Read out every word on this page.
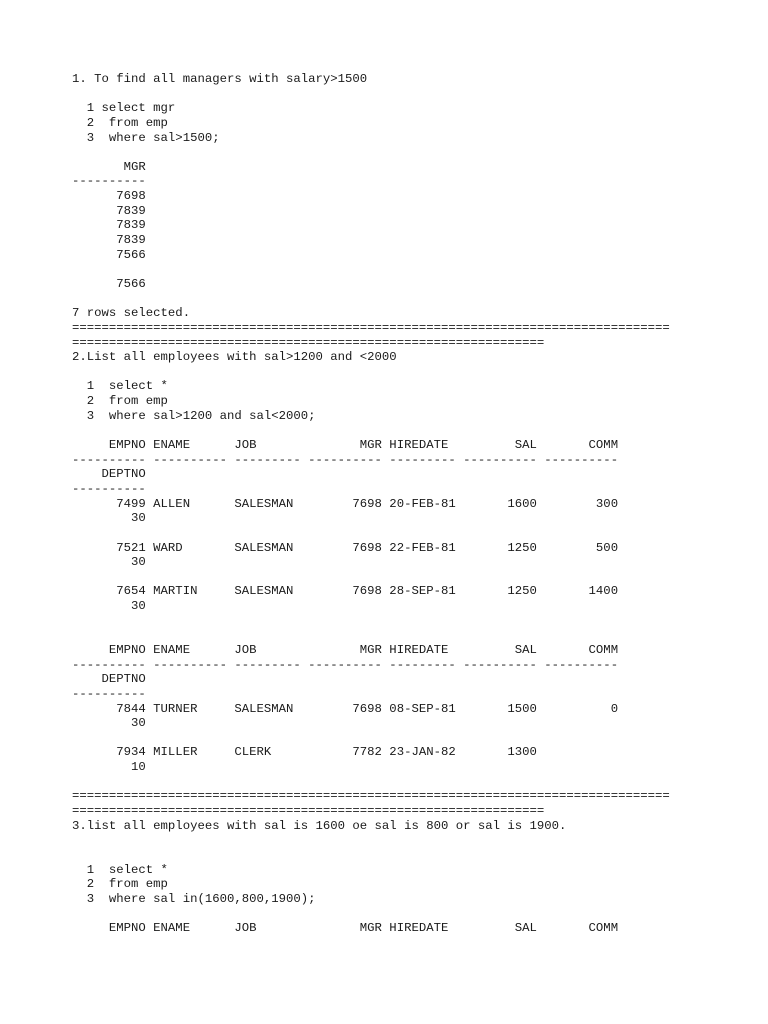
1. To find all managers with salary>1500
1 select mgr
2  from emp
3  where sal>1500;
MGR
----------
7698
7839
7839
7839
7566
7566
7 rows selected.
=================================================================================
================================================================
2.List all employees with sal>1200 and <2000
1  select *
2  from emp
3  where sal>1200 and sal<2000;
EMPNO ENAME      JOB              MGR HIREDATE         SAL       COMM
---------- ---------- --------- ---------- --------- ---------- ----------
DEPTNO
----------
7499 ALLEN      SALESMAN        7698 20-FEB-81       1600        300
30
7521 WARD       SALESMAN        7698 22-FEB-81       1250        500
30
7654 MARTIN     SALESMAN        7698 28-SEP-81       1250       1400
30
EMPNO ENAME      JOB              MGR HIREDATE         SAL       COMM
---------- ---------- --------- ---------- --------- ---------- ----------
DEPTNO
----------
7844 TURNER     SALESMAN        7698 08-SEP-81       1500          0
30
7934 MILLER     CLERK           7782 23-JAN-82       1300
10
=================================================================================
================================================================
3.list all employees with sal is 1600 oe sal is 800 or sal is 1900.
1  select *
2  from emp
3  where sal in(1600,800,1900);
EMPNO ENAME      JOB              MGR HIREDATE         SAL       COMM
